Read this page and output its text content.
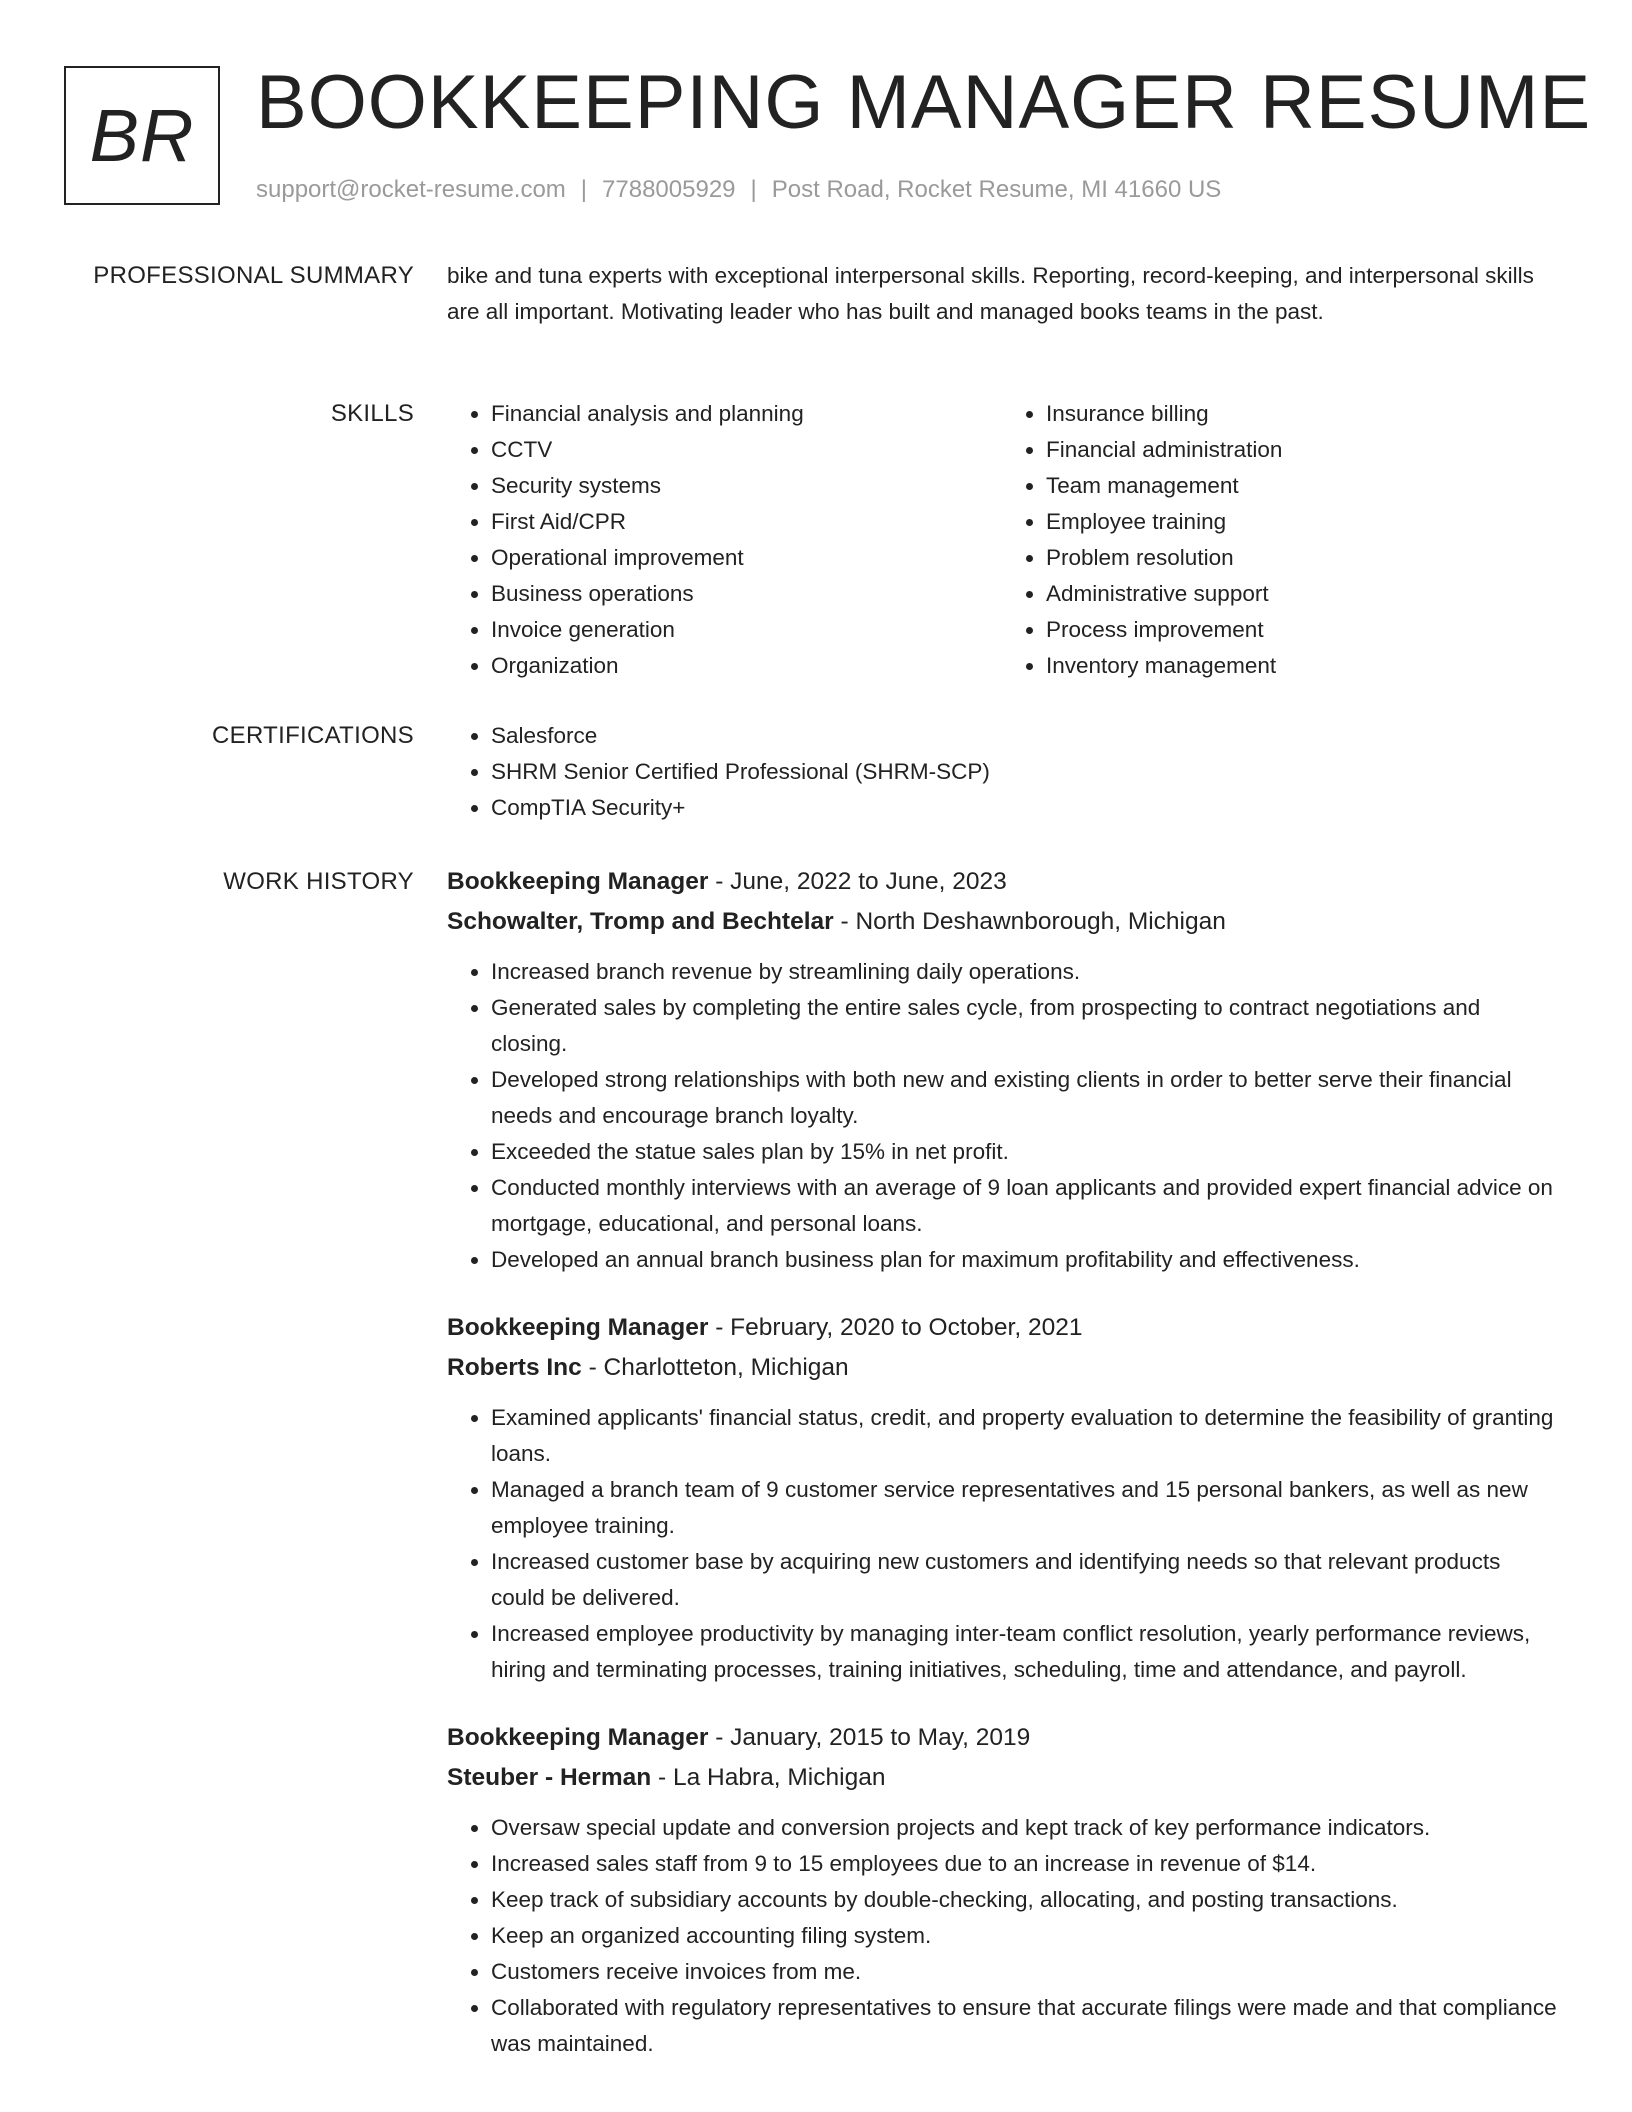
BR BOOKKEEPING MANAGER RESUME
support@rocket-resume.com | 7788005929 | Post Road, Rocket Resume, MI 41660 US
PROFESSIONAL SUMMARY bike and tuna experts with exceptional interpersonal skills. Reporting, record-keeping, and interpersonal skills are all important. Motivating leader who has built and managed books teams in the past.

SKILLS	• Financial analysis and planning
• CCTV
• Security systems
• First Aid/CPR
• Operational improvement
• Business operations
• Invoice generation
• Organization
• Insurance billing
• Financial administration
• Team management
• Employee training
• Problem resolution
• Administrative support
• Process improvement
• Inventory management
CERTIFICATIONS	• Salesforce
• SHRM Senior Certified Professional (SHRM-SCP)
• CompTIA Security+
WORK HISTORY Bookkeeping Manager - June, 2022 to June, 2023
Schowalter, Tromp and Bechtelar - North Deshawnborough, Michigan
• Increased branch revenue by streamlining daily operations.
• Generated sales by completing the entire sales cycle, from prospecting to contract negotiations and closing.
• Developed strong relationships with both new and existing clients in order to better serve their financial needs and encourage branch loyalty.
• Exceeded the statue sales plan by 15% in net profit.
• Conducted monthly interviews with an average of 9 loan applicants and provided expert financial advice on mortgage, educational, and personal loans.
• Developed an annual branch business plan for maximum profitability and effectiveness.
Bookkeeping Manager - February, 2020 to October, 2021
Roberts Inc - Charlotteton, Michigan
• Examined applicants' financial status, credit, and property evaluation to determine the feasibility of granting loans.
• Managed a branch team of 9 customer service representatives and 15 personal bankers, as well as new employee training.
• Increased customer base by acquiring new customers and identifying needs so that relevant products could be delivered.
• Increased employee productivity by managing inter-team conflict resolution, yearly performance reviews, hiring and terminating processes, training initiatives, scheduling, time and attendance, and payroll.
Bookkeeping Manager - January, 2015 to May, 2019
Steuber - Herman - La Habra, Michigan
• Oversaw special update and conversion projects and kept track of key performance indicators.
• Increased sales staff from 9 to 15 employees due to an increase in revenue of $14.
• Keep track of subsidiary accounts by double-checking, allocating, and posting transactions.
• Keep an organized accounting filing system.
• Customers receive invoices from me.
• Collaborated with regulatory representatives to ensure that accurate filings were made and that compliance was maintained.
